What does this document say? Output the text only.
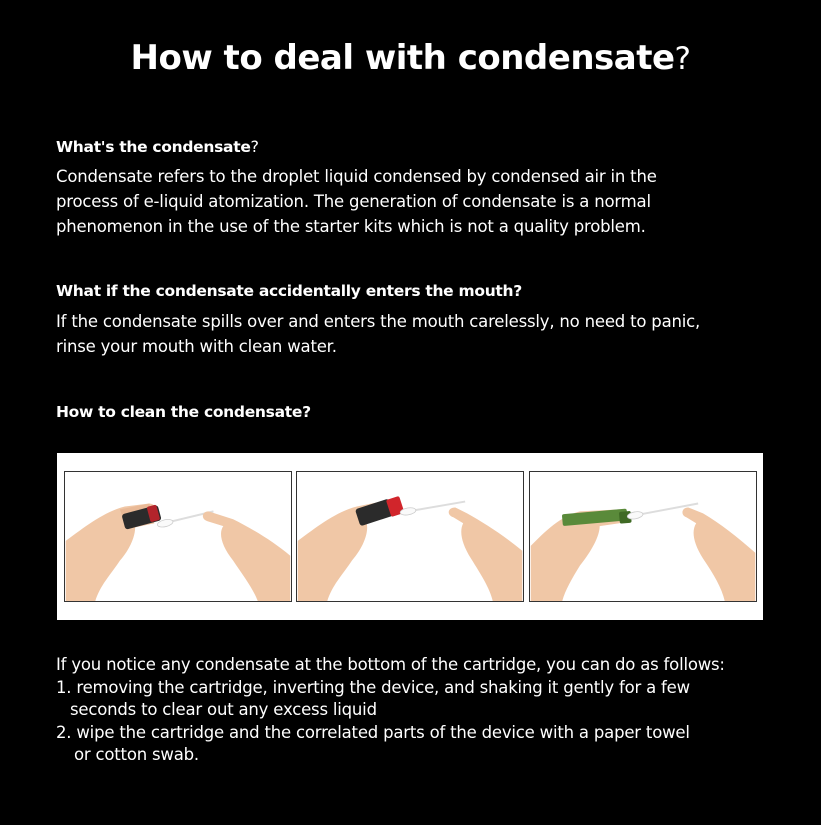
How to deal with condensate?
What's the condensate?

Condensate refers to the droplet liquid condensed by condensed air in the

process of e-liquid atomization. The generation of condensate is a normal

phenomenon in the use of the starter kits which is not a quality problem.

What if the condensate accidentally enters the mouth?

If the condensate spills over and enters the mouth carelessly, no need to panic,

rinse your mouth with clean water.

How to clean the condensate?

If you notice any condensate at the bottom of the cartridge, you can do as follows:

1. removing the cartridge, inverting the device, and shaking it gently for a few

seconds to clear out any excess liquid

2. wipe the cartridge and the correlated parts of the device with a paper towel

or cotton swab.
